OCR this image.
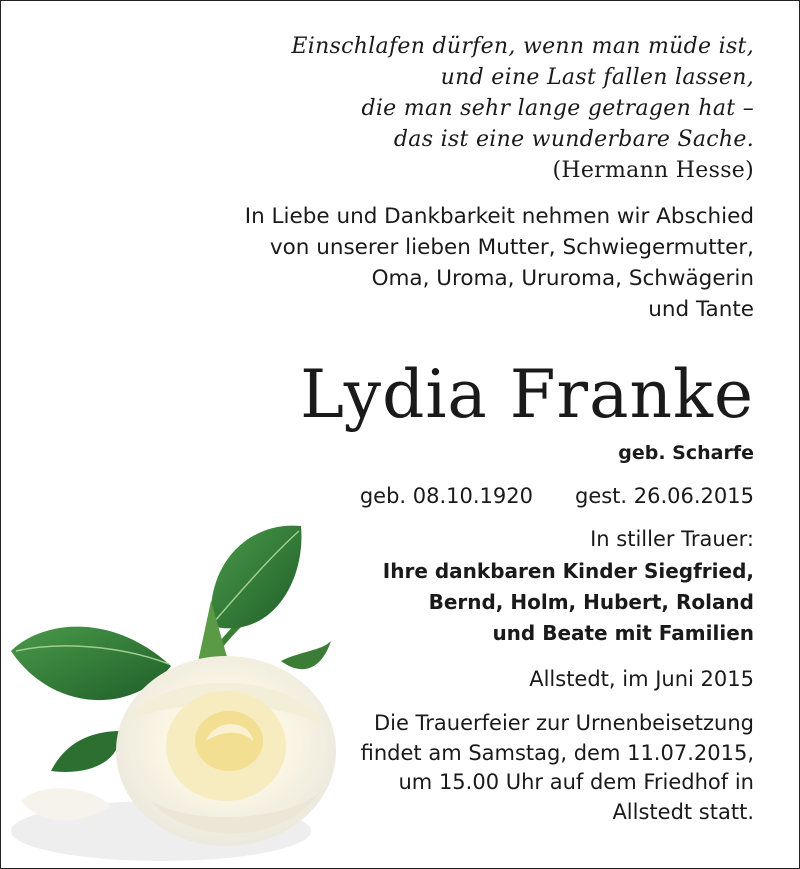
Einschlafen dürfen, wenn man müde ist,
und eine Last fallen lassen,
die man sehr lange getragen hat –
das ist eine wunderbare Sache.
(Hermann Hesse)
In Liebe und Dankbarkeit nehmen wir Abschied
von unserer lieben Mutter, Schwiegermutter,
Oma, Uroma, Ururoma, Schwägerin
und Tante
Lydia Franke
geb. Scharfe
geb. 08.10.1920 gest. 26.06.2015
In stiller Trauer:
Ihre dankbaren Kinder Siegfried,
Bernd, Holm, Hubert, Roland
und Beate mit Familien
Allstedt, im Juni 2015
Die Trauerfeier zur Urnenbeisetzung
findet am Samstag, dem 11.07.2015,
um 15.00 Uhr auf dem Friedhof in
Allstedt statt.
